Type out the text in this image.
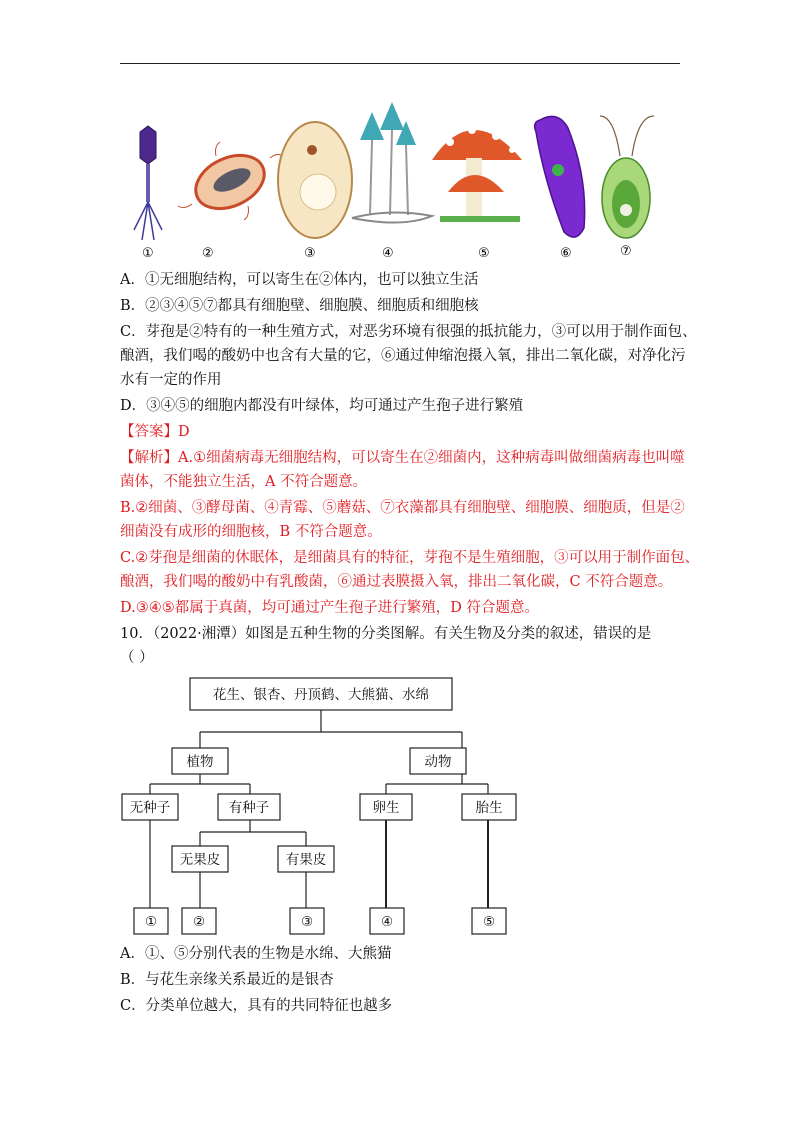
①	②	③	④	⑤	⑥	⑦
A．①无细胞结构，可以寄生在②体内，也可以独立生活
B．②③④⑤⑦都具有细胞壁、细胞膜、细胞质和细胞核
C．芽孢是②特有的一种生殖方式，对恶劣环境有很强的抵抗能力，③可以用于制作面包、
酿酒，我们喝的酸奶中也含有大量的它，⑥通过伸缩泡摄入氧，排出二氧化碳，对净化污
水有一定的作用
D．③④⑤的细胞内都没有叶绿体，均可通过产生孢子进行繁殖
【答案】D
【解析】A.①细菌病毒无细胞结构，可以寄生在②细菌内，这种病毒叫做细菌病毒也叫噬
菌体，不能独立生活，A 不符合题意。
B.②细菌、③酵母菌、④青霉、⑤蘑菇、⑦衣藻都具有细胞壁、细胞膜、细胞质，但是②
细菌没有成形的细胞核，B 不符合题意。
C.②芽孢是细菌的休眠体，是细菌具有的特征，芽孢不是生殖细胞，③可以用于制作面包、
酿酒，我们喝的酸奶中有乳酸菌，⑥通过表膜摄入氧，排出二氧化碳，C 不符合题意。
D.③④⑤都属于真菌，均可通过产生孢子进行繁殖，D 符合题意。
10．（2022·湘潭）如图是五种生物的分类图解。有关生物及分类的叙述，错误的是
（ ）
花生、银杏、丹顶鹤、大熊猫、水绵
植物	动物
无种子	有种子	卵生	胎生
无果皮	有果皮
①	②	③	④	⑤
A．①、⑤分别代表的生物是水绵、大熊猫
B．与花生亲缘关系最近的是银杏
C．分类单位越大，具有的共同特征也越多
